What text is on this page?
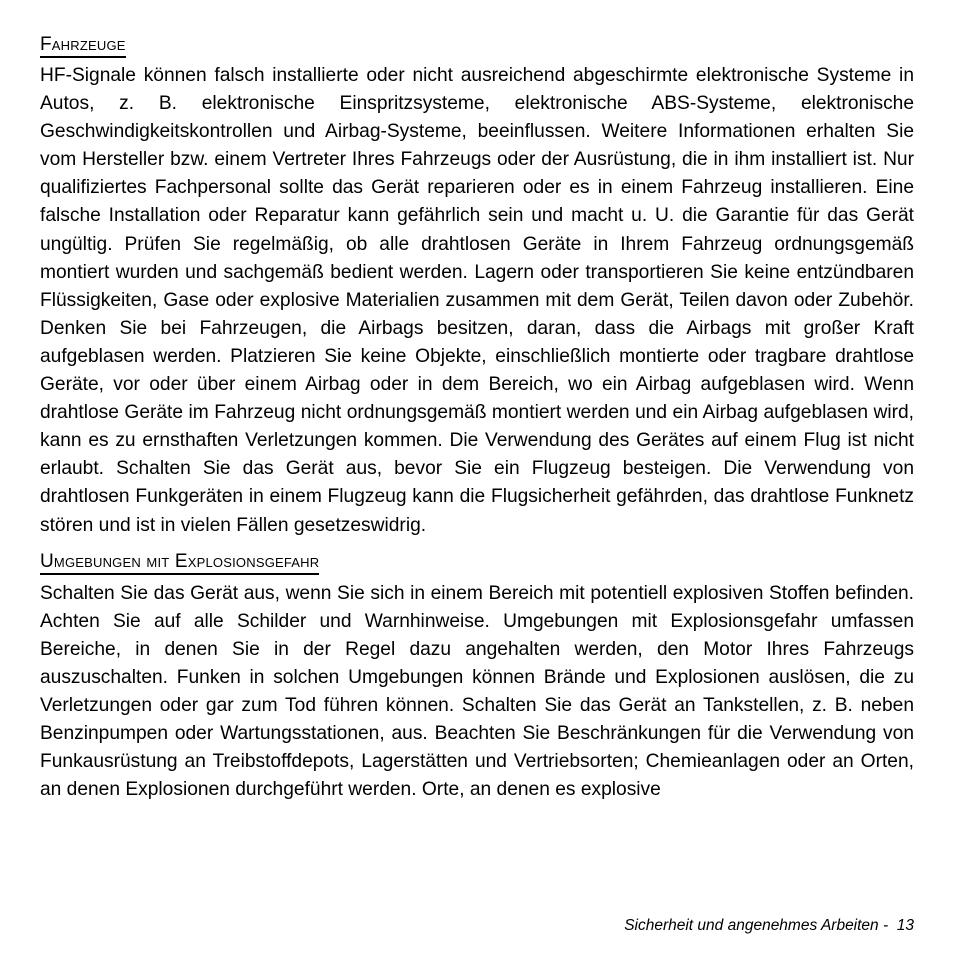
Fahrzeuge

HF-Signale können falsch installierte oder nicht ausreichend abgeschirmte elektronische Systeme in Autos, z. B. elektronische Einspritzsysteme, elektronische ABS-Systeme, elektronische Geschwindigkeitskontrollen und Airbag-Systeme, beeinflussen. Weitere Informationen erhalten Sie vom Hersteller bzw. einem Vertreter Ihres Fahrzeugs oder der Ausrüstung, die in ihm installiert ist. Nur qualifiziertes Fachpersonal sollte das Gerät reparieren oder es in einem Fahrzeug installieren. Eine falsche Installation oder Reparatur kann gefährlich sein und macht u. U. die Garantie für das Gerät ungültig. Prüfen Sie regelmäßig, ob alle drahtlosen Geräte in Ihrem Fahrzeug ordnungsgemäß montiert wurden und sachgemäß bedient werden. Lagern oder transportieren Sie keine entzündbaren Flüssigkeiten, Gase oder explosive Materialien zusammen mit dem Gerät, Teilen davon oder Zubehör. Denken Sie bei Fahrzeugen, die Airbags besitzen, daran, dass die Airbags mit großer Kraft aufgeblasen werden. Platzieren Sie keine Objekte, einschließlich montierte oder tragbare drahtlose Geräte, vor oder über einem Airbag oder in dem Bereich, wo ein Airbag aufgeblasen wird. Wenn drahtlose Geräte im Fahrzeug nicht ordnungsgemäß montiert werden und ein Airbag aufgeblasen wird, kann es zu ernsthaften Verletzungen kommen. Die Verwendung des Gerätes auf einem Flug ist nicht erlaubt. Schalten Sie das Gerät aus, bevor Sie ein Flugzeug besteigen. Die Verwendung von drahtlosen Funkgeräten in einem Flugzeug kann die Flugsicherheit gefährden, das drahtlose Funknetz stören und ist in vielen Fällen gesetzeswidrig.

Umgebungen mit Explosionsgefahr

Schalten Sie das Gerät aus, wenn Sie sich in einem Bereich mit potentiell explosiven Stoffen befinden. Achten Sie auf alle Schilder und Warnhinweise. Umgebungen mit Explosionsgefahr umfassen Bereiche, in denen Sie in der Regel dazu angehalten werden, den Motor Ihres Fahrzeugs auszuschalten. Funken in solchen Umgebungen können Brände und Explosionen auslösen, die zu Verletzungen oder gar zum Tod führen können. Schalten Sie das Gerät an Tankstellen, z. B. neben Benzinpumpen oder Wartungsstationen, aus. Beachten Sie Beschränkungen für die Verwendung von Funkausrüstung an Treibstoffdepots, Lagerstätten und Vertriebsorten; Chemieanlagen oder an Orten, an denen Explosionen durchgeführt werden. Orte, an denen es explosive

Sicherheit und angenehmes Arbeiten -  13
